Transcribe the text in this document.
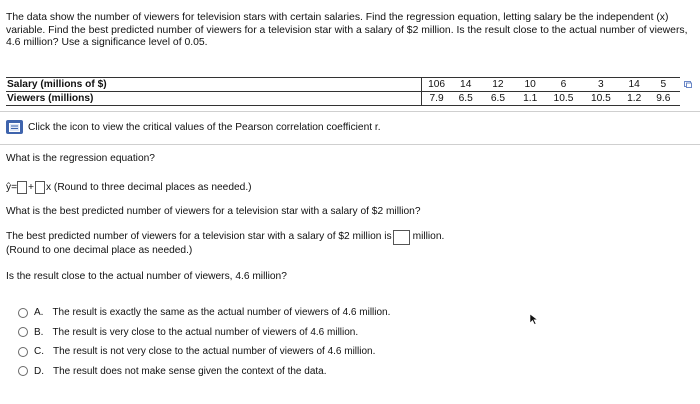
The data show the number of viewers for television stars with certain salaries. Find the regression equation, letting salary be the independent (x) variable. Find the best predicted number of viewers for a television star with a salary of $2 million. Is the result close to the actual number of viewers, 4.6 million? Use a significance level of 0.05.
Salary (millions of $)	106	14	12	10	6	3	14	5
Viewers (millions)	7.9	6.5	6.5	1.1	10.5	10.5	1.2	9.6
Click the icon to view the critical values of the Pearson correlation coefficient r.
What is the regression equation?
ŷ = + x (Round to three decimal places as needed.)
What is the best predicted number of viewers for a television star with a salary of $2 million?
The best predicted number of viewers for a television star with a salary of $2 million is million.
(Round to one decimal place as needed.)
Is the result close to the actual number of viewers, 4.6 million?
A. The result is exactly the same as the actual number of viewers of 4.6 million.
B. The result is very close to the actual number of viewers of 4.6 million.
C. The result is not very close to the actual number of viewers of 4.6 million.
D. The result does not make sense given the context of the data.
